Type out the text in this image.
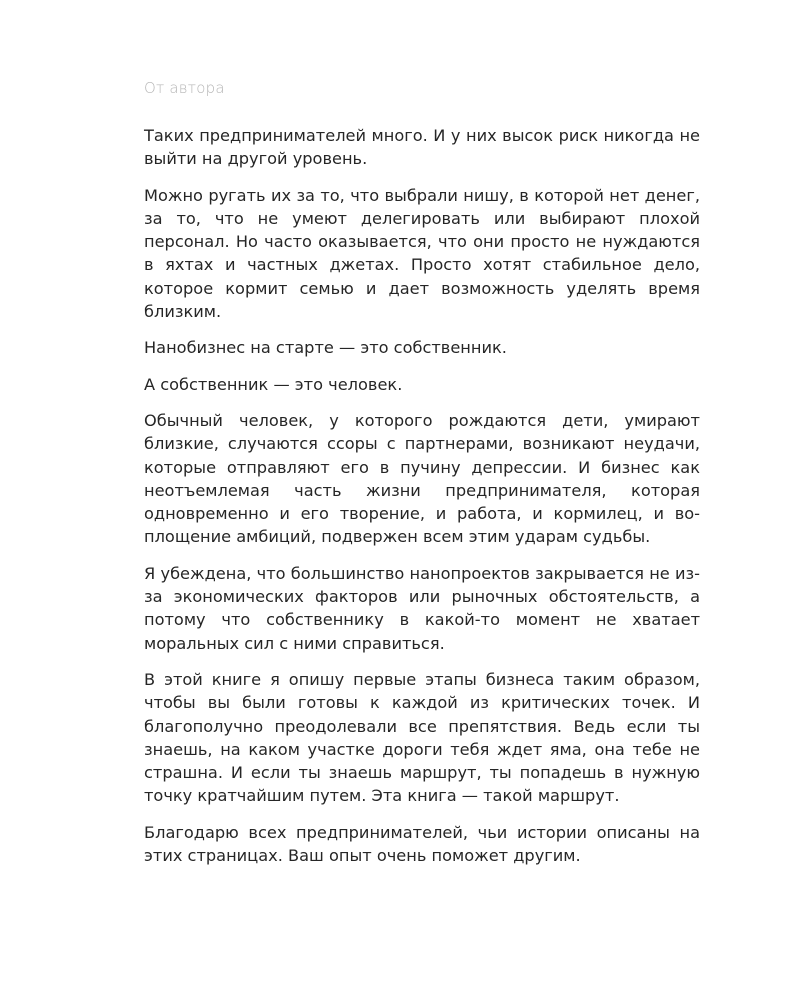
От автора

Таких предпринимателей много. И у них высок риск никогда не выйти на другой уровень.

Можно ругать их за то, что выбрали нишу, в которой нет денег, за то, что не умеют делегировать или выбирают плохой персонал. Но часто оказывается, что они просто не нуждаются в яхтах и частных джетах. Просто хотят стабильное дело, которое кормит семью и дает возможность уделять время близким.

Нанобизнес на старте — это собственник.

А собственник — это человек.

Обычный человек, у которого рождаются дети, умирают близкие, случаются ссоры с партнерами, возникают неудачи, которые отправляют его в пучину депрессии. И бизнес как неотъемлемая часть жизни предпринимателя, которая одновременно и его творение, и работа, и кормилец, и воплощение амбиций, подвержен всем этим ударам судьбы.

Я убеждена, что большинство нанопроектов закрывается не из-за экономических факторов или рыночных обстоятельств, а потому что собственнику в какой-то момент не хватает моральных сил с ними справиться.

В этой книге я опишу первые этапы бизнеса таким образом, чтобы вы были готовы к каждой из критических точек. И благополучно преодолевали все препятствия. Ведь если ты знаешь, на каком участке дороги тебя ждет яма, она тебе не страшна. И если ты знаешь маршрут, ты попадешь в нужную точку кратчайшим путем. Эта книга — такой маршрут.

Благодарю всех предпринимателей, чьи истории описаны на этих страницах. Ваш опыт очень поможет другим.
